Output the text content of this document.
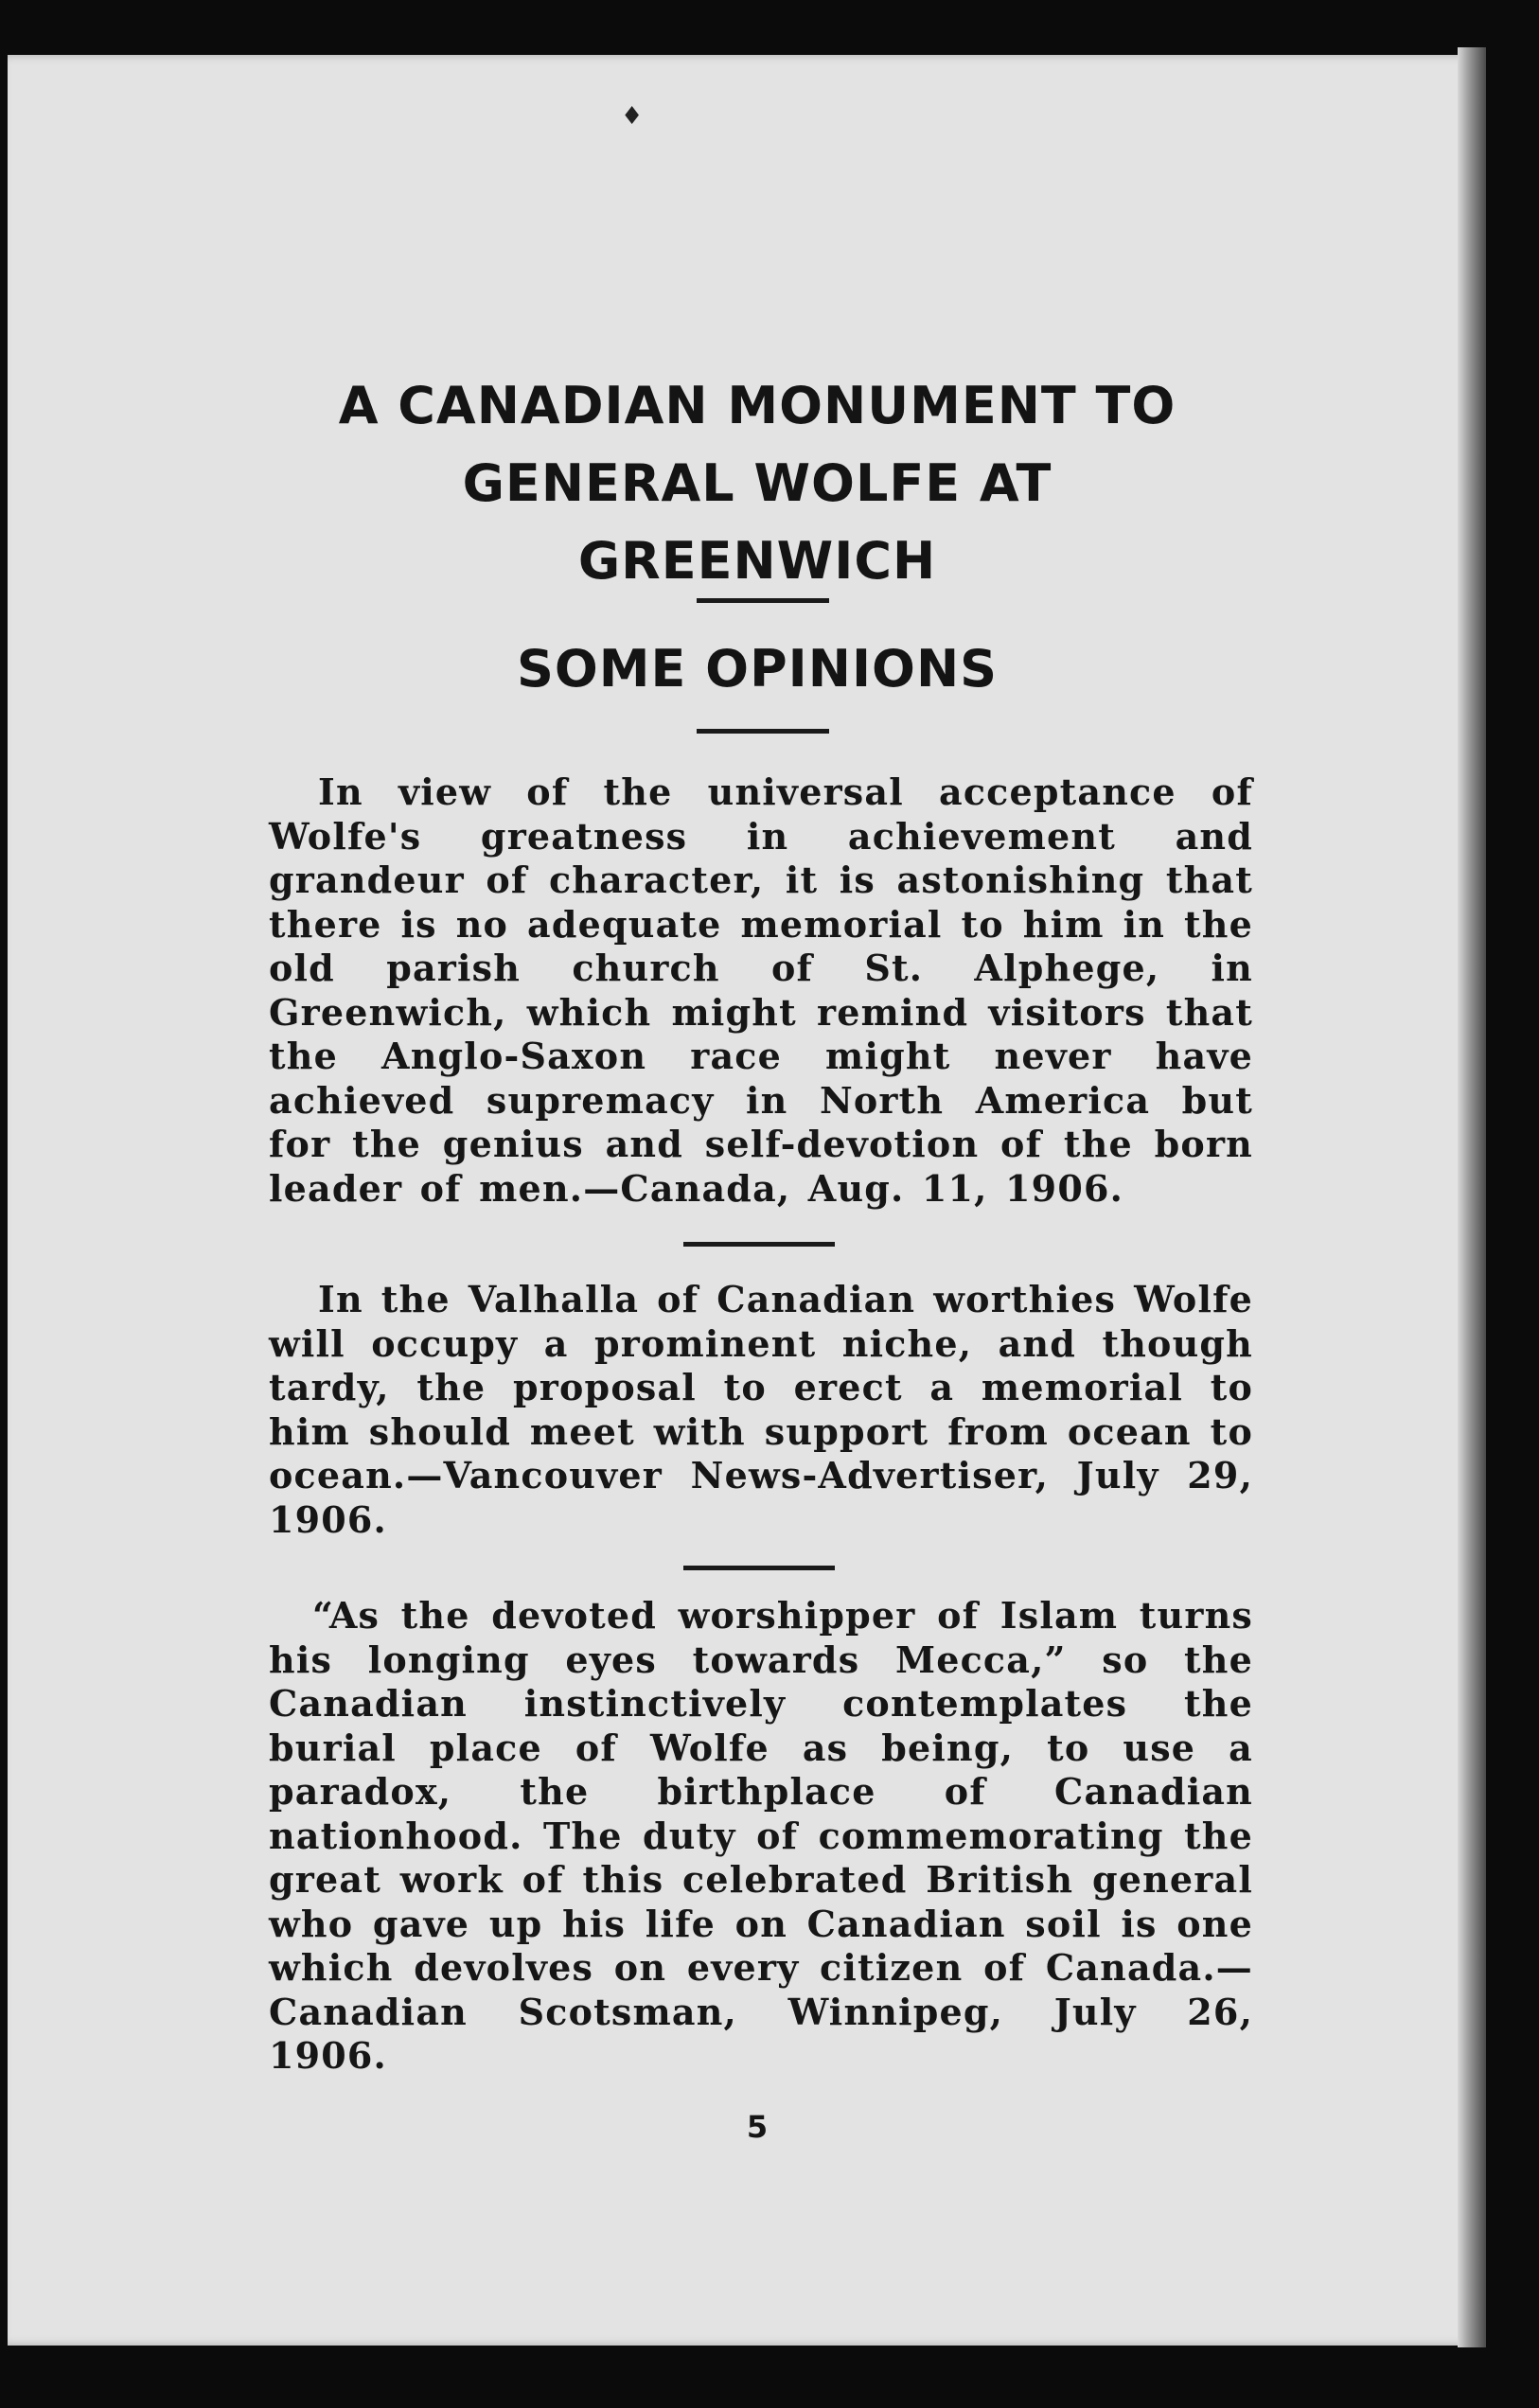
♦
A CANADIAN MONUMENT TO GENERAL WOLFE AT GREENWICH
SOME OPINIONS

In view of the universal acceptance of Wolfe's greatness in achievement and grandeur of character, it is astonishing that there is no adequate memorial to him in the old parish church of St. Alphege, in Greenwich, which might remind visitors that the Anglo-Saxon race might never have achieved supremacy in North America but for the genius and self-devotion of the born leader of men.—Canada, Aug. 11, 1906.

In the Valhalla of Canadian worthies Wolfe will occupy a prominent niche, and though tardy, the proposal to erect a memorial to him should meet with support from ocean to ocean.—Vancouver News-Advertiser, July 29, 1906.

“As the devoted worshipper of Islam turns his longing eyes towards Mecca,” so the Canadian instinctively contemplates the burial place of Wolfe as being, to use a paradox, the birthplace of Canadian nationhood. The duty of commemorating the great work of this celebrated British general who gave up his life on Canadian soil is one which devolves on every citizen of Canada.—Canadian Scotsman, Winnipeg, July 26, 1906.

5
